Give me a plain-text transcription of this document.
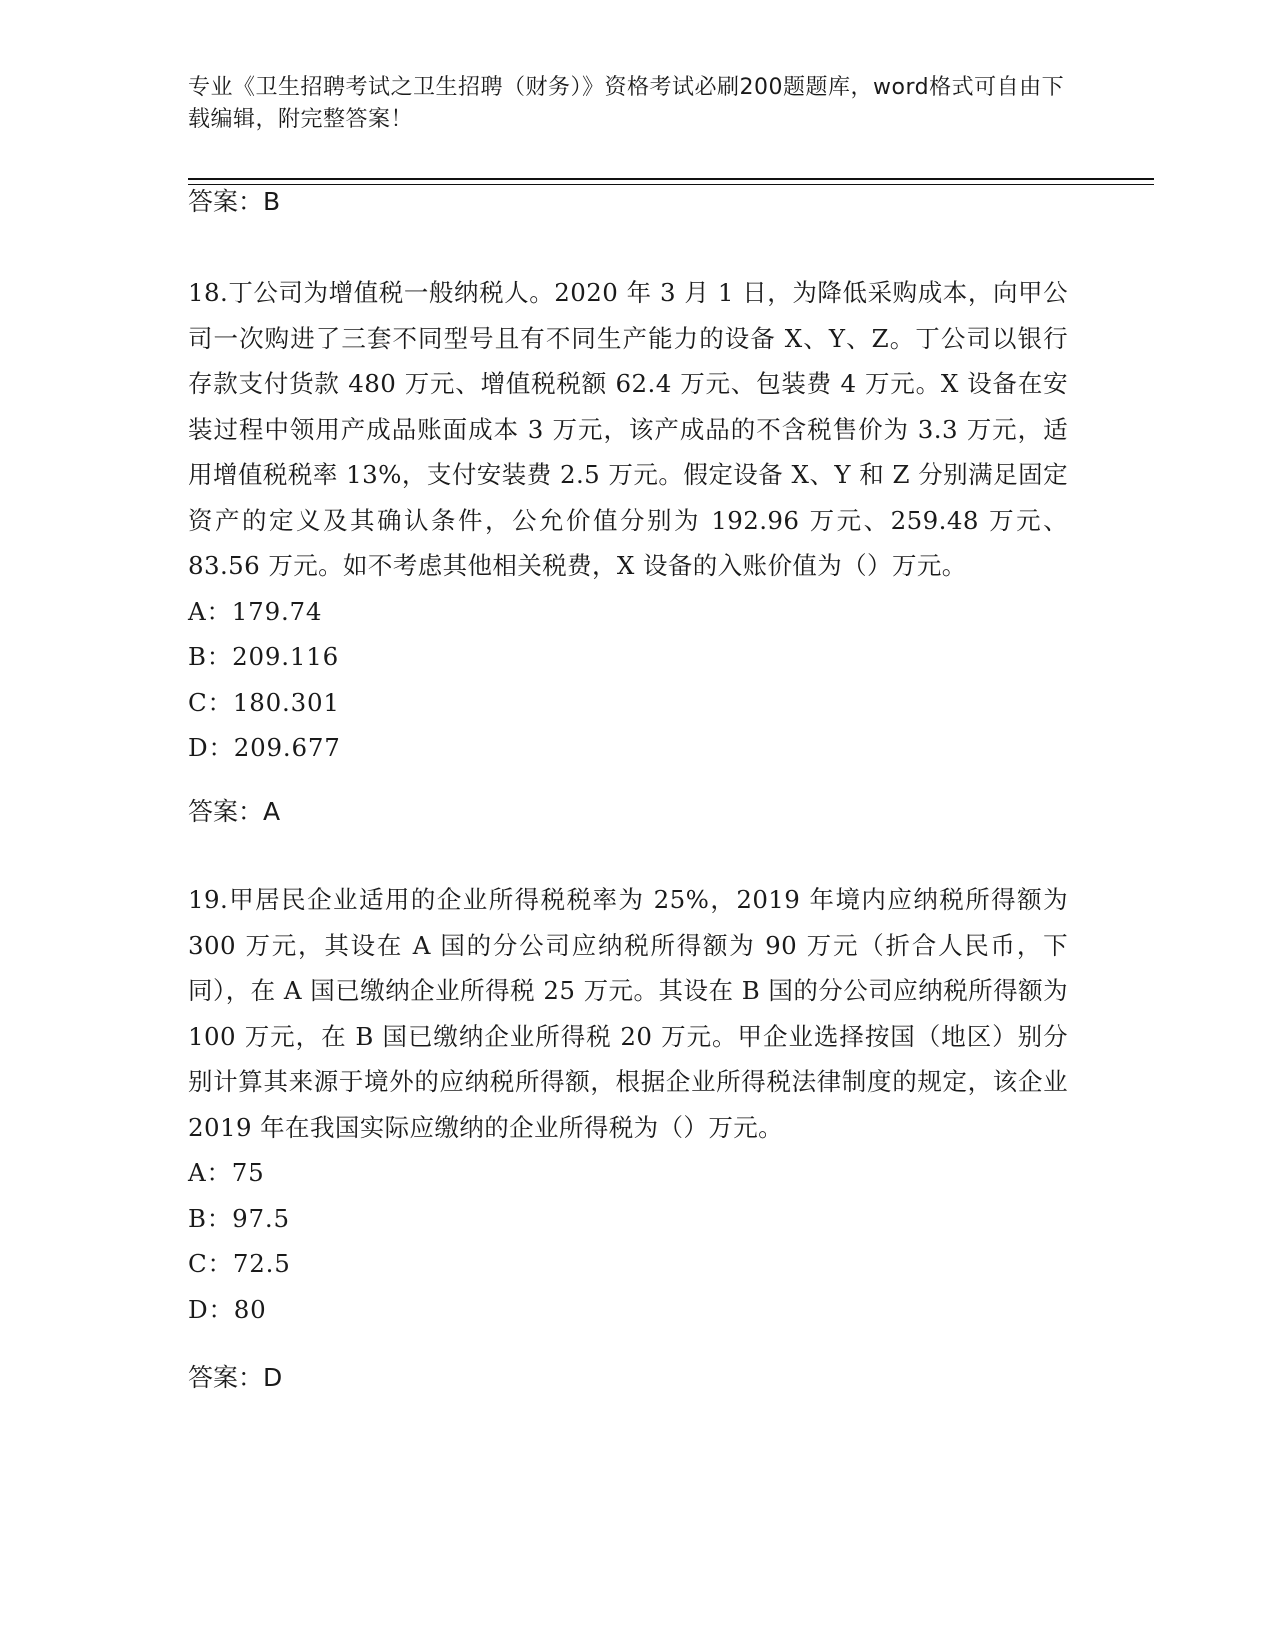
专业《卫生招聘考试之卫生招聘（财务）》资格考试必刷200题题库，word格式可自由下载编辑，附完整答案！
答案：B

18.丁公司为增值税一般纳税人。2020 年 3 月 1 日，为降低采购成本，向甲公司一次购进了三套不同型号且有不同生产能力的设备 X、Y、Z。丁公司以银行存款支付货款 480 万元、增值税税额 62.4 万元、包装费 4 万元。X 设备在安装过程中领用产成品账面成本 3 万元，该产成品的不含税售价为 3.3 万元，适用增值税税率 13%，支付安装费 2.5 万元。假定设备 X、Y 和 Z 分别满足固定资产的定义及其确认条件，公允价值分别为 192.96 万元、259.48 万元、83.56 万元。如不考虑其他相关税费，X 设备的入账价值为（）万元。

A：179.74
B：209.116
C：180.301
D：209.677
答案：A

19.甲居民企业适用的企业所得税税率为 25%，2019 年境内应纳税所得额为 300 万元，其设在 A 国的分公司应纳税所得额为 90 万元（折合人民币，下同），在 A 国已缴纳企业所得税 25 万元。其设在 B 国的分公司应纳税所得额为 100 万元，在 B 国已缴纳企业所得税 20 万元。甲企业选择按国（地区）别分别计算其来源于境外的应纳税所得额，根据企业所得税法律制度的规定，该企业 2019 年在我国实际应缴纳的企业所得税为（）万元。

A：75
B：97.5
C：72.5
D：80
答案：D
